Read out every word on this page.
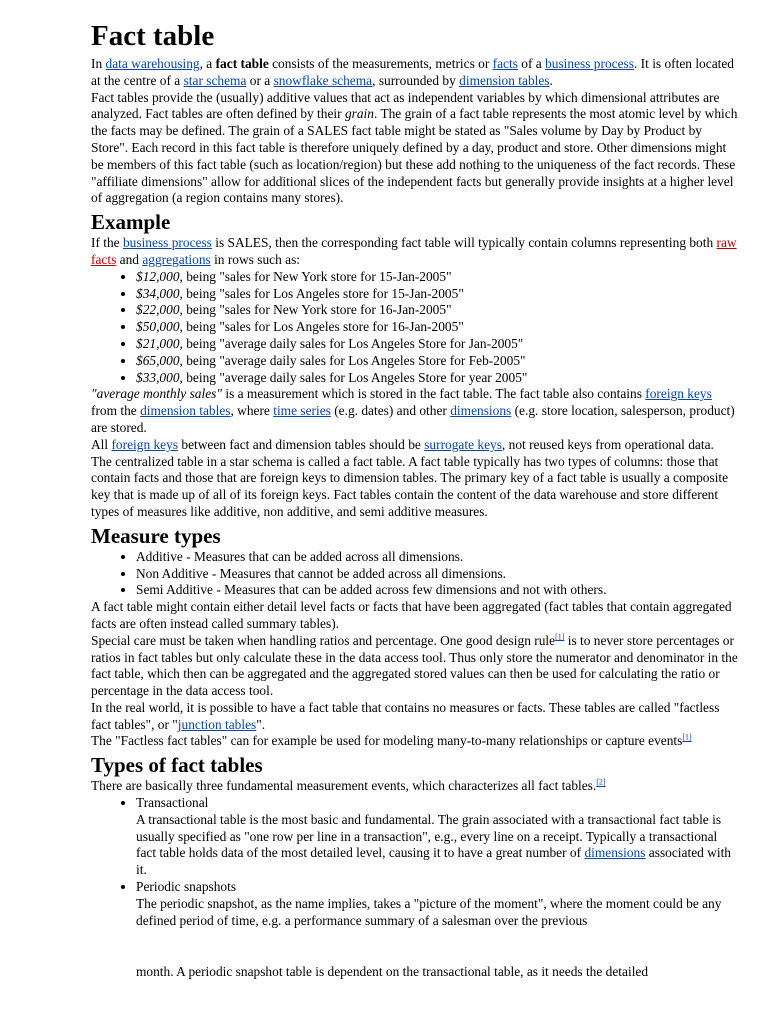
Fact table

In data warehousing, a fact table consists of the measurements, metrics or facts of a business process. It is often located at the centre of a star schema or a snowflake schema, surrounded by dimension tables.

Fact tables provide the (usually) additive values that act as independent variables by which dimensional attributes are analyzed. Fact tables are often defined by their grain. The grain of a fact table represents the most atomic level by which the facts may be defined. The grain of a SALES fact table might be stated as "Sales volume by Day by Product by Store". Each record in this fact table is therefore uniquely defined by a day, product and store. Other dimensions might be members of this fact table (such as location/region) but these add nothing to the uniqueness of the fact records. These "affiliate dimensions" allow for additional slices of the independent facts but generally provide insights at a higher level of aggregation (a region contains many stores).

Example

If the business process is SALES, then the corresponding fact table will typically contain columns representing both raw facts and aggregations in rows such as:

• $12,000, being "sales for New York store for 15-Jan-2005"
• $34,000, being "sales for Los Angeles store for 15-Jan-2005"
• $22,000, being "sales for New York store for 16-Jan-2005"
• $50,000, being "sales for Los Angeles store for 16-Jan-2005"
• $21,000, being "average daily sales for Los Angeles Store for Jan-2005"
• $65,000, being "average daily sales for Los Angeles Store for Feb-2005"
• $33,000, being "average daily sales for Los Angeles Store for year 2005"

"average monthly sales" is a measurement which is stored in the fact table. The fact table also contains foreign keys from the dimension tables, where time series (e.g. dates) and other dimensions (e.g. store location, salesperson, product) are stored.

All foreign keys between fact and dimension tables should be surrogate keys, not reused keys from operational data.

The centralized table in a star schema is called a fact table. A fact table typically has two types of columns: those that contain facts and those that are foreign keys to dimension tables. The primary key of a fact table is usually a composite key that is made up of all of its foreign keys. Fact tables contain the content of the data warehouse and store different types of measures like additive, non additive, and semi additive measures.

Measure types
• Additive - Measures that can be added across all dimensions.
• Non Additive - Measures that cannot be added across all dimensions.
• Semi Additive - Measures that can be added across few dimensions and not with others.

A fact table might contain either detail level facts or facts that have been aggregated (fact tables that contain aggregated facts are often instead called summary tables).

Special care must be taken when handling ratios and percentage. One good design rule[1] is to never store percentages or ratios in fact tables but only calculate these in the data access tool. Thus only store the numerator and denominator in the fact table, which then can be aggregated and the aggregated stored values can then be used for calculating the ratio or percentage in the data access tool.

In the real world, it is possible to have a fact table that contains no measures or facts. These tables are called "factless fact tables", or "junction tables".

The "Factless fact tables" can for example be used for modeling many-to-many relationships or capture events[1]

Types of fact tables

There are basically three fundamental measurement events, which characterizes all fact tables.[2]

• Transactional
A transactional table is the most basic and fundamental. The grain associated with a transactional fact table is usually specified as "one row per line in a transaction", e.g., every line on a receipt. Typically a transactional fact table holds data of the most detailed level, causing it to have a great number of dimensions associated with it.
• Periodic snapshots
The periodic snapshot, as the name implies, takes a "picture of the moment", where the moment could be any defined period of time, e.g. a performance summary of a salesman over the previous
month. A periodic snapshot table is dependent on the transactional table, as it needs the detailed
